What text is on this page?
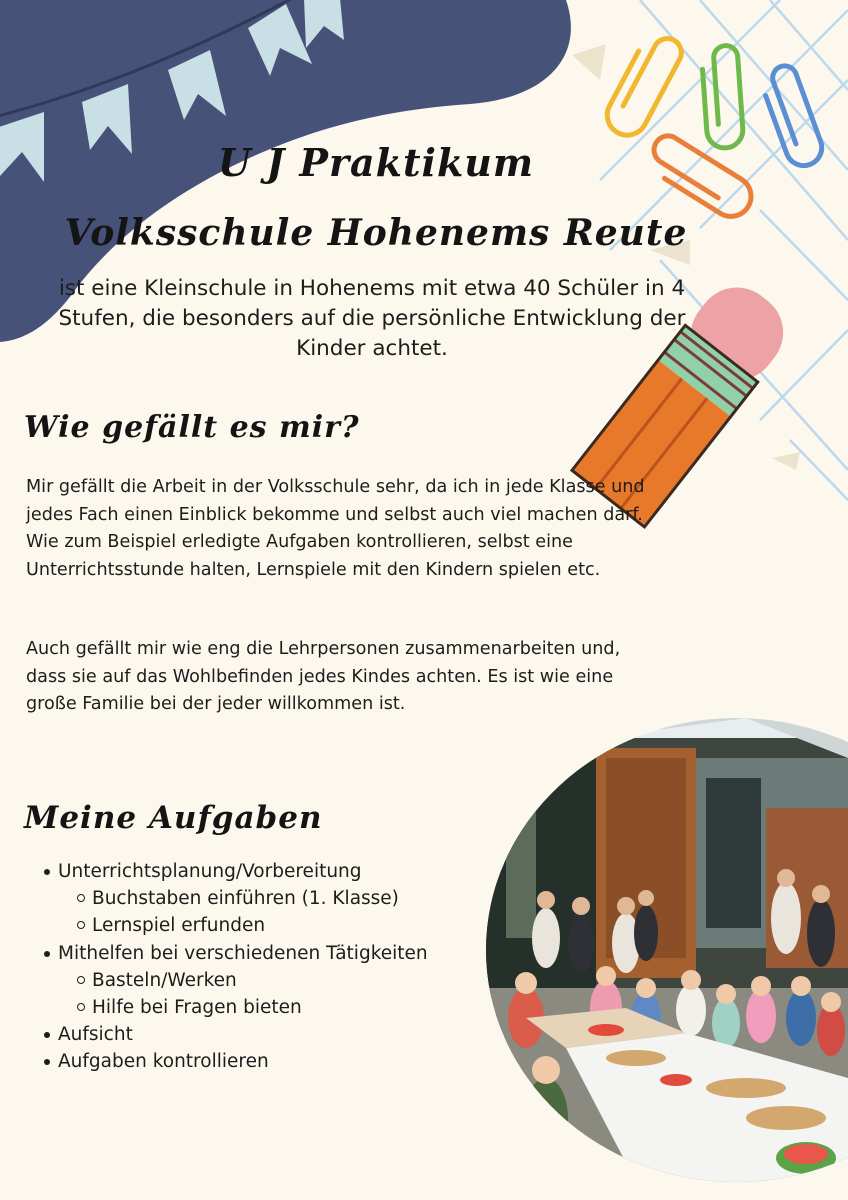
U J Praktikum
Volksschule Hohenems Reute

ist eine Kleinschule in Hohenems mit etwa 40 Schüler in 4 Stufen, die besonders auf die persönliche Entwicklung der Kinder achtet.

Wie gefällt es mir?

Mir gefällt die Arbeit in der Volksschule sehr, da ich in jede Klasse und jedes Fach einen Einblick bekomme und selbst auch viel machen darf. Wie zum Beispiel erledigte Aufgaben kontrollieren, selbst eine Unterrichtsstunde halten, Lernspiele mit den Kindern spielen etc.

Auch gefällt mir wie eng die Lehrpersonen zusammenarbeiten und, dass sie auf das Wohlbefinden jedes Kindes achten. Es ist wie eine große Familie bei der jeder willkommen ist.

Meine Aufgaben
Unterrichtsplanung/Vorbereitung
Buchstaben einführen (1. Klasse)
Lernspiel erfunden
Mithelfen bei verschiedenen Tätigkeiten
Basteln/Werken
Hilfe bei Fragen bieten
Aufsicht
Aufgaben kontrollieren
